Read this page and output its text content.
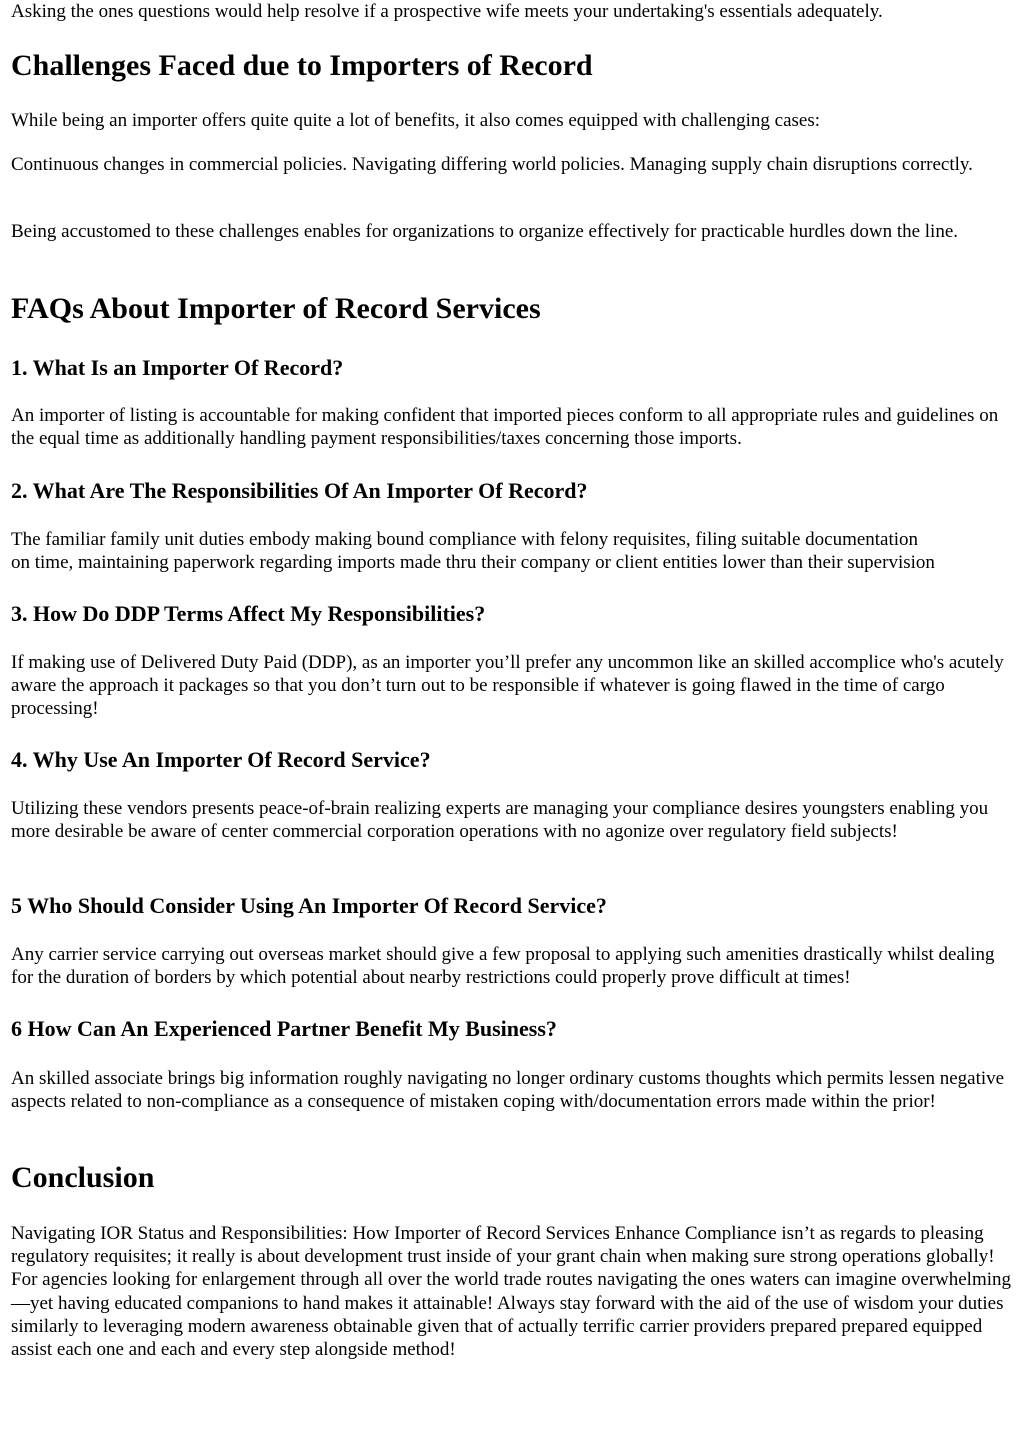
Asking the ones questions would help resolve if a prospective wife meets your undertaking's essentials adequately.

Challenges Faced due to Importers of Record

While being an importer offers quite quite a lot of benefits, it also comes equipped with challenging cases:

Continuous changes in commercial policies. Navigating differing world policies. Managing supply chain disruptions correctly.

Being accustomed to these challenges enables for organizations to organize effectively for practicable hurdles down the line.

FAQs About Importer of Record Services
1. What Is an Importer Of Record?

An importer of listing is accountable for making confident that imported pieces conform to all appropriate rules and guidelines on the equal time as additionally handling payment responsibilities/taxes concerning those imports.

2. What Are The Responsibilities Of An Importer Of Record?

The familiar family unit duties embody making bound compliance with felony requisites, filing suitable documentation

on time, maintaining paperwork regarding imports made thru their company or client entities lower than their supervision

3. How Do DDP Terms Affect My Responsibilities?

If making use of Delivered Duty Paid (DDP), as an importer you’ll prefer any uncommon like an skilled accomplice who's acutely aware the approach it packages so that you don’t turn out to be responsible if whatever is going flawed in the time of cargo processing!

4. Why Use An Importer Of Record Service?

Utilizing these vendors presents peace-of-brain realizing experts are managing your compliance desires youngsters enabling you more desirable be aware of center commercial corporation operations with no agonize over regulatory field subjects!

5 Who Should Consider Using An Importer Of Record Service?

Any carrier service carrying out overseas market should give a few proposal to applying such amenities drastically whilst dealing for the duration of borders by which potential about nearby restrictions could properly prove difficult at times!

6 How Can An Experienced Partner Benefit My Business?

An skilled associate brings big information roughly navigating no longer ordinary customs thoughts which permits lessen negative aspects related to non-compliance as a consequence of mistaken coping with/documentation errors made within the prior!

Conclusion

Navigating IOR Status and Responsibilities: How Importer of Record Services Enhance Compliance isn’t as regards to pleasing regulatory requisites; it really is about development trust inside of your grant chain when making sure strong operations globally! For agencies looking for enlargement through all over the world trade routes navigating the ones waters can imagine overwhelming—yet having educated companions to hand makes it attainable! Always stay forward with the aid of the use of wisdom your duties similarly to leveraging modern awareness obtainable given that of actually terrific carrier providers prepared prepared equipped assist each one and each and every step alongside method!
